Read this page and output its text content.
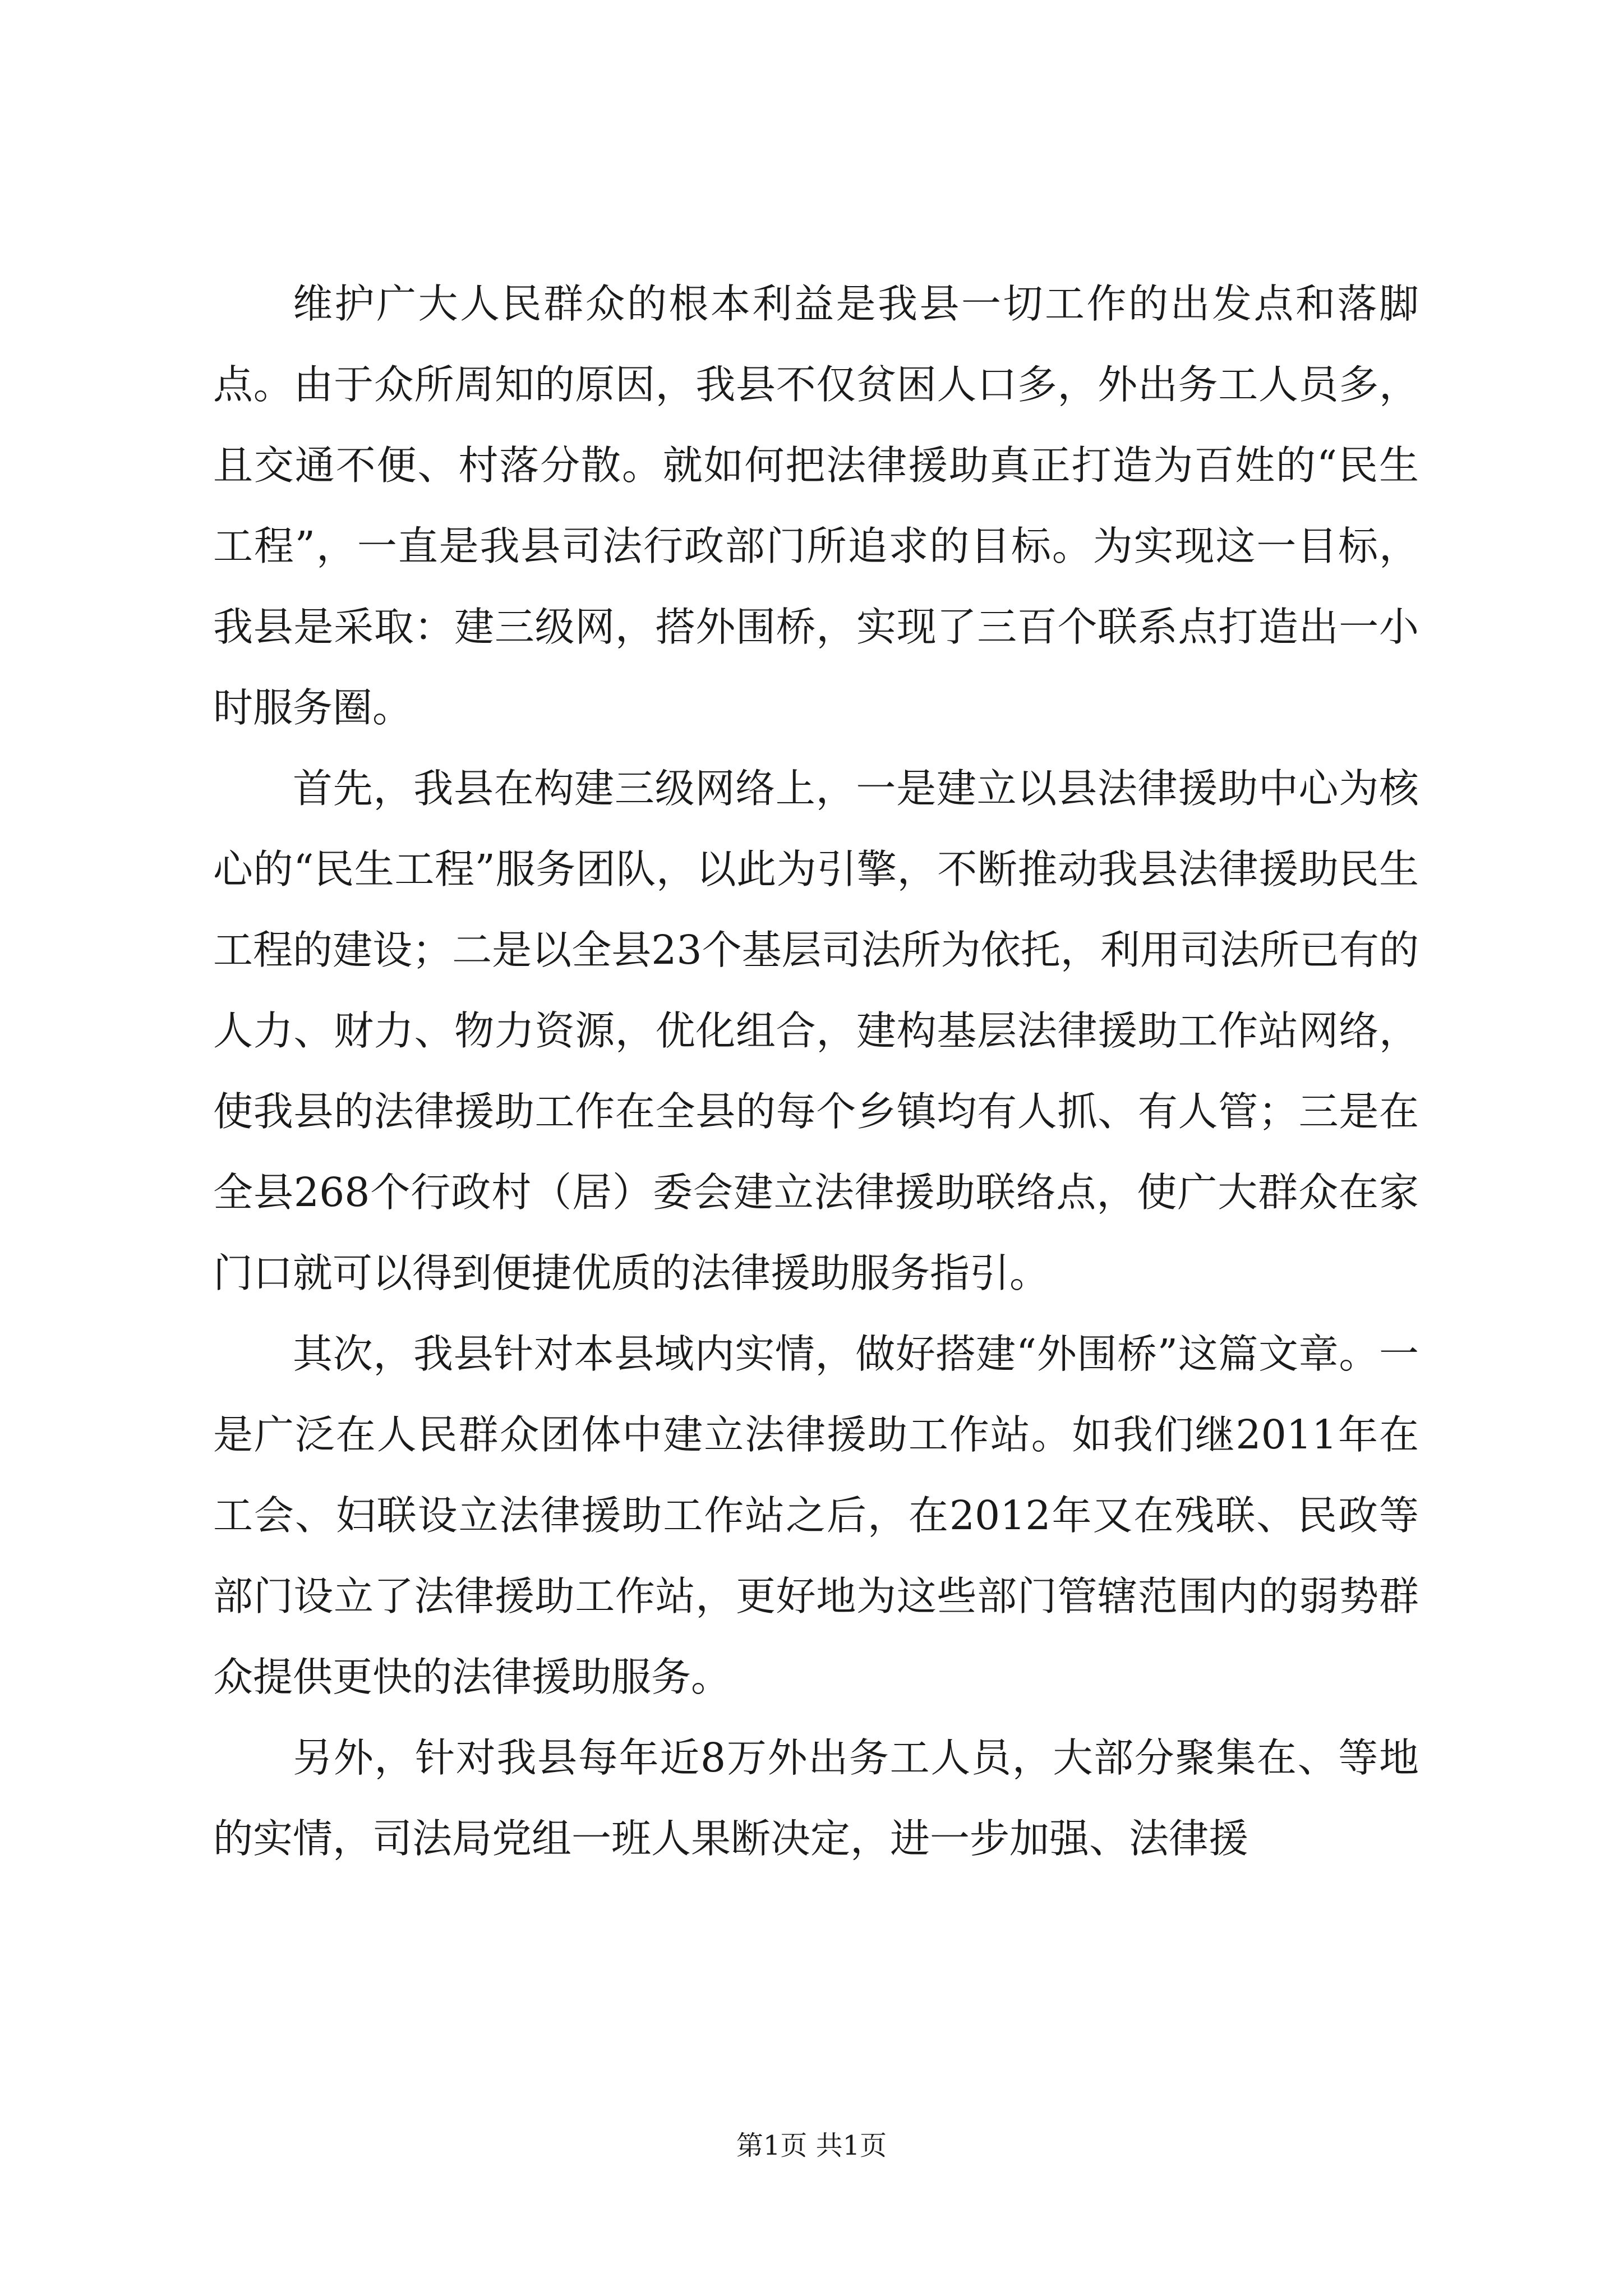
维护广大人民群众的根本利益是我县一切工作的出发点和落脚点。由于众所周知的原因，我县不仅贫困人口多，外出务工人员多，且交通不便、村落分散。就如何把法律援助真正打造为百姓的“民生工程”，一直是我县司法行政部门所追求的目标。为实现这一目标，我县是采取：建三级网，搭外围桥，实现了三百个联系点打造出一小时服务圈。

首先，我县在构建三级网络上，一是建立以县法律援助中心为核心的“民生工程”服务团队，以此为引擎，不断推动我县法律援助民生工程的建设；二是以全县23个基层司法所为依托，利用司法所已有的人力、财力、物力资源，优化组合，建构基层法律援助工作站网络，使我县的法律援助工作在全县的每个乡镇均有人抓、有人管；三是在全县268个行政村（居）委会建立法律援助联络点，使广大群众在家门口就可以得到便捷优质的法律援助服务指引。

其次，我县针对本县域内实情，做好搭建“外围桥”这篇文章。一是广泛在人民群众团体中建立法律援助工作站。如我们继2011年在工会、妇联设立法律援助工作站之后，在2012年又在残联、民政等部门设立了法律援助工作站，更好地为这些部门管辖范围内的弱势群众提供更快的法律援助服务。

另外，针对我县每年近8万外出务工人员，大部分聚集在、等地的实情，司法局党组一班人果断决定，进一步加强、法律援

第1页 共1页
